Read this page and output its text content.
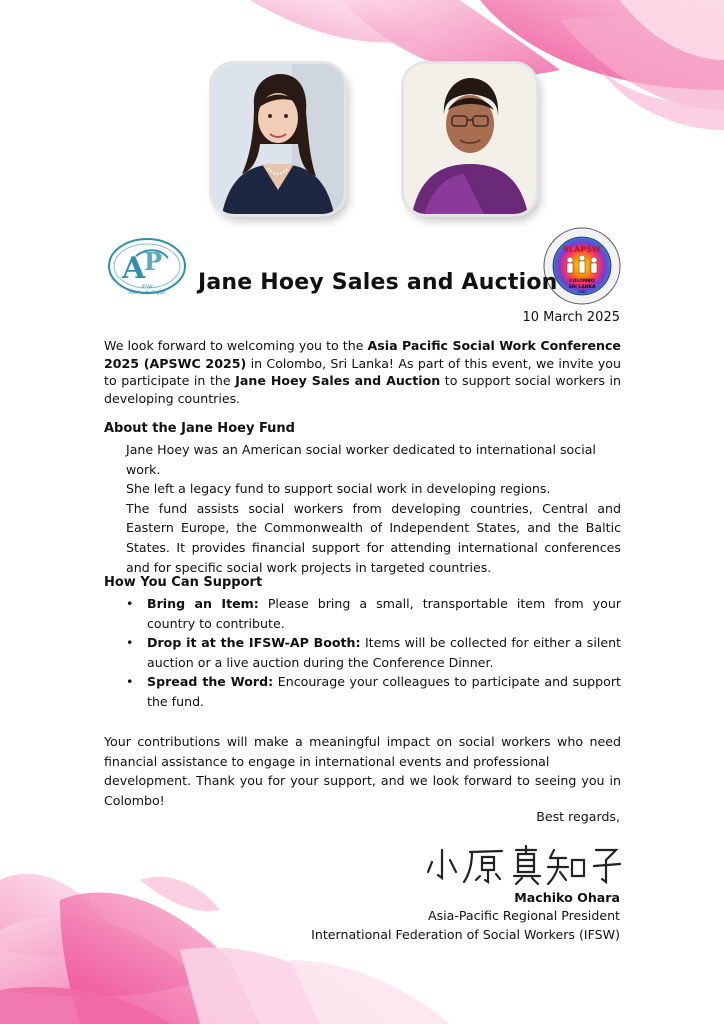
A
P
IFSW
Asia Pacific Region
SLAPSW
COLOMBO
SRI LANKA
1962
Jane Hoey Sales and Auction
10 March 2025
We look forward to welcoming you to the Asia Pacific Social Work Conference 2025 (APSWC 2025) in Colombo, Sri Lanka! As part of this event, we invite you to participate in the Jane Hoey Sales and Auction to support social workers in developing countries.
About the Jane Hoey Fund

Jane Hoey was an American social worker dedicated to international social work.

She left a legacy fund to support social work in developing regions.

The fund assists social workers from developing countries, Central and Eastern Europe, the Commonwealth of Independent States, and the Baltic States. It provides financial support for attending international conferences and for specific social work projects in targeted countries.

How You Can Support

• Bring an Item: Please bring a small, transportable item from your country to contribute.

• Drop it at the IFSW-AP Booth: Items will be collected for either a silent auction or a live auction during the Conference Dinner.

• Spread the Word: Encourage your colleagues to participate and support the fund.

Your contributions will make a meaningful impact on social workers who need
financial assistance to engage in international events and professional
development. Thank you for your support, and we look forward to seeing you in
Colombo!
Best regards,
Machiko Ohara
Asia-Pacific Regional President
International Federation of Social Workers (IFSW)
